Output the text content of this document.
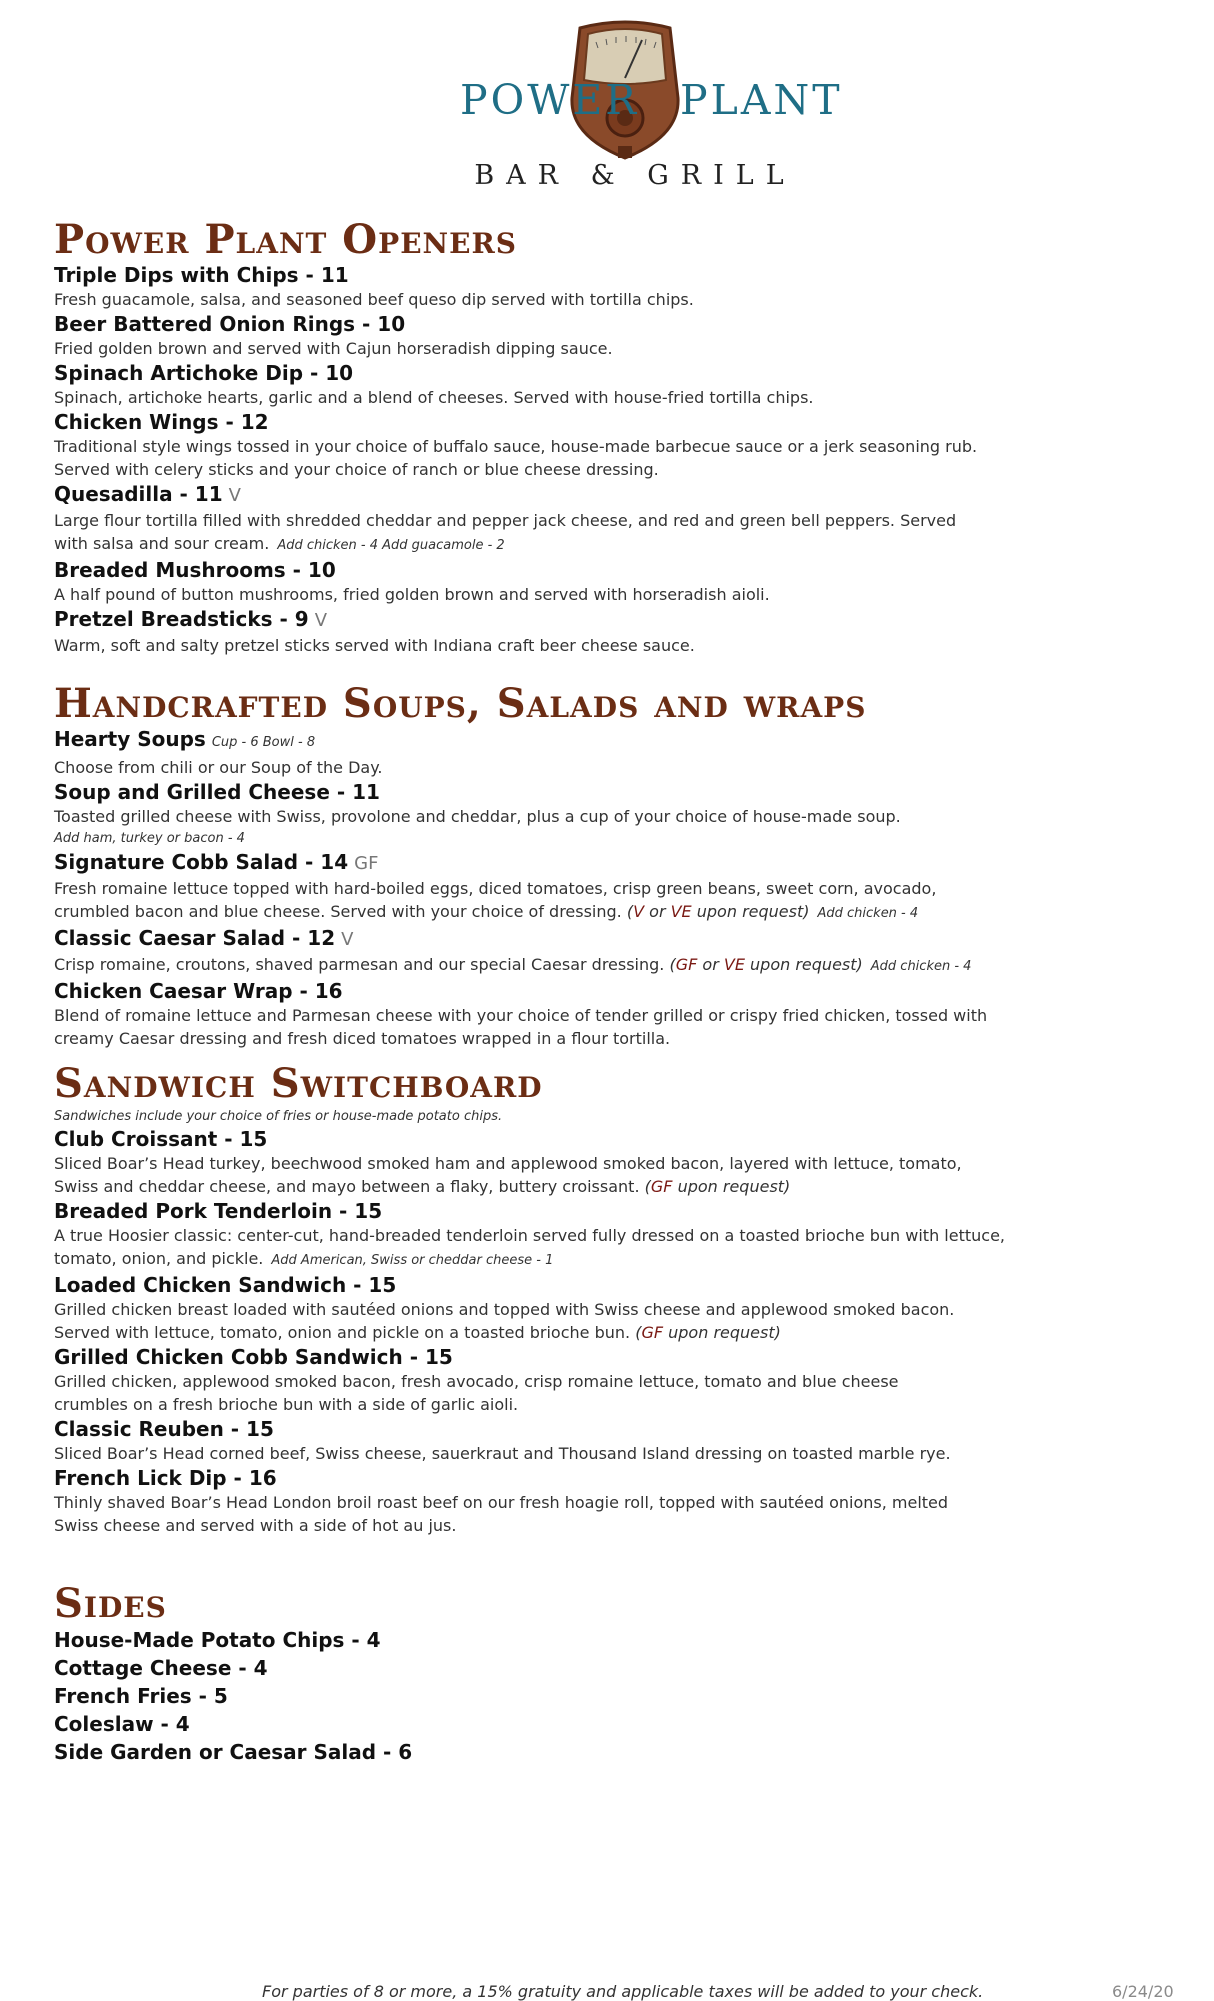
POWER PLANT
BAR & GRILL
Power Plant Openers
Triple Dips with Chips - 11
Fresh guacamole, salsa, and seasoned beef queso dip served with tortilla chips.
Beer Battered Onion Rings - 10
Fried golden brown and served with Cajun horseradish dipping sauce.
Spinach Artichoke Dip - 10
Spinach, artichoke hearts, garlic and a blend of cheeses. Served with house-fried tortilla chips.
Chicken Wings - 12
Traditional style wings tossed in your choice of buffalo sauce, house-made barbecue sauce or a jerk seasoning rub. Served with celery sticks and your choice of ranch or blue cheese dressing.
Quesadilla - 11 V
Large flour tortilla filled with shredded cheddar and pepper jack cheese, and red and green bell peppers. Served with salsa and sour cream. Add chicken - 4 Add guacamole - 2
Breaded Mushrooms - 10
A half pound of button mushrooms, fried golden brown and served with horseradish aioli.
Pretzel Breadsticks - 9 V
Warm, soft and salty pretzel sticks served with Indiana craft beer cheese sauce.
Handcrafted Soups, Salads and wraps
Hearty Soups Cup - 6 Bowl - 8
Choose from chili or our Soup of the Day.
Soup and Grilled Cheese - 11
Toasted grilled cheese with Swiss, provolone and cheddar, plus a cup of your choice of house-made soup.
Add ham, turkey or bacon - 4
Signature Cobb Salad - 14 GF
Fresh romaine lettuce topped with hard-boiled eggs, diced tomatoes, crisp green beans, sweet corn, avocado, crumbled bacon and blue cheese. Served with your choice of dressing. (V or VE upon request) Add chicken - 4
Classic Caesar Salad - 12 V
Crisp romaine, croutons, shaved parmesan and our special Caesar dressing. (GF or VE upon request) Add chicken - 4
Chicken Caesar Wrap - 16
Blend of romaine lettuce and Parmesan cheese with your choice of tender grilled or crispy fried chicken, tossed with creamy Caesar dressing and fresh diced tomatoes wrapped in a flour tortilla.
Sandwich Switchboard
Sandwiches include your choice of fries or house-made potato chips.
Club Croissant - 15
Sliced Boar’s Head turkey, beechwood smoked ham and applewood smoked bacon, layered with lettuce, tomato, Swiss and cheddar cheese, and mayo between a flaky, buttery croissant. (GF upon request)
Breaded Pork Tenderloin - 15
A true Hoosier classic: center-cut, hand-breaded tenderloin served fully dressed on a toasted brioche bun with lettuce, tomato, onion, and pickle. Add American, Swiss or cheddar cheese - 1
Loaded Chicken Sandwich - 15
Grilled chicken breast loaded with sautéed onions and topped with Swiss cheese and applewood smoked bacon. Served with lettuce, tomato, onion and pickle on a toasted brioche bun. (GF upon request)
Grilled Chicken Cobb Sandwich - 15
Grilled chicken, applewood smoked bacon, fresh avocado, crisp romaine lettuce, tomato and blue cheese crumbles on a fresh brioche bun with a side of garlic aioli.
Classic Reuben - 15
Sliced Boar’s Head corned beef, Swiss cheese, sauerkraut and Thousand Island dressing on toasted marble rye.
French Lick Dip - 16
Thinly shaved Boar’s Head London broil roast beef on our fresh hoagie roll, topped with sautéed onions, melted Swiss cheese and served with a side of hot au jus.
Sides
House-Made Potato Chips - 4
Cottage Cheese - 4
French Fries - 5
Coleslaw - 4
Side Garden or Caesar Salad - 6
For parties of 8 or more, a 15% gratuity and applicable taxes will be added to your check.	6/24/20
